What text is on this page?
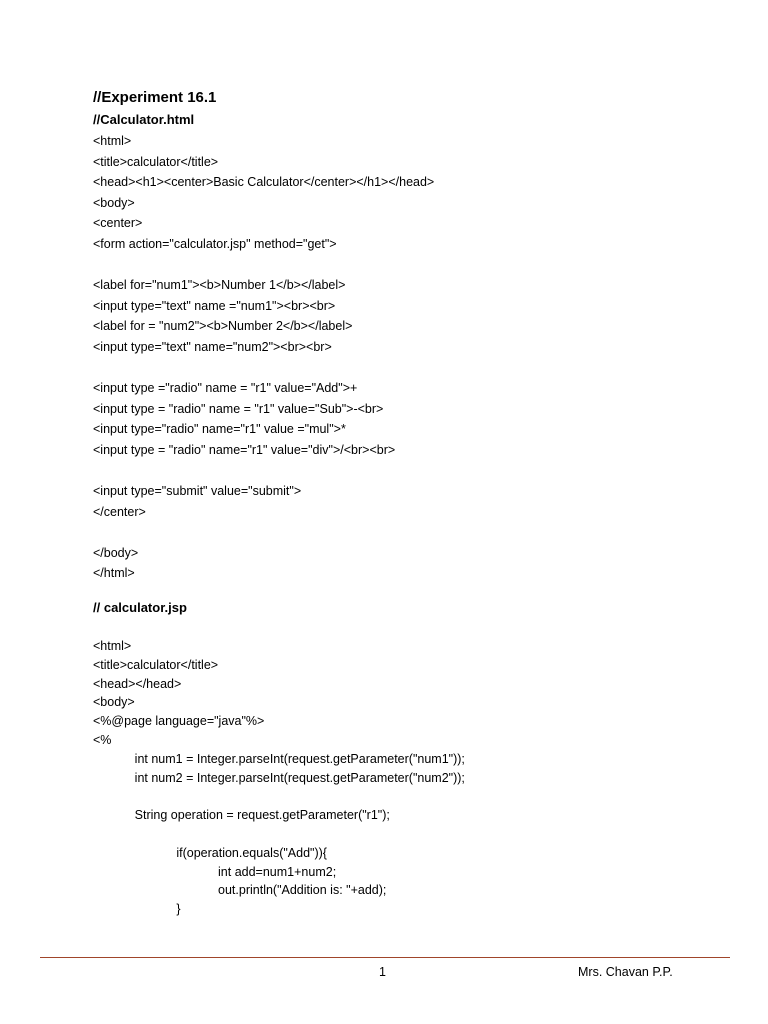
//Experiment 16.1
//Calculator.html
<html>
<title>calculator</title>
<head><h1><center>Basic Calculator</center></h1></head>
<body>
<center>
<form action="calculator.jsp" method="get">
<label for="num1"><b>Number 1</b></label>
<input type="text" name ="num1"><br><br>
<label for = "num2"><b>Number 2</b></label>
<input type="text" name="num2"><br><br>
<input type ="radio" name = "r1" value="Add">+
<input type = "radio" name = "r1" value="Sub">-<br>
<input type="radio" name="r1" value ="mul">*
<input type = "radio" name="r1" value="div">/<br><br>
<input type="submit" value="submit">
</center>
</body>
</html>
// calculator.jsp
<html>
<title>calculator</title>
<head></head>
<body>
<%@page language="java"%>
<%
int num1 = Integer.parseInt(request.getParameter("num1"));
int num2 = Integer.parseInt(request.getParameter("num2"));
String operation = request.getParameter("r1");
if(operation.equals("Add")){
int add=num1+num2;
out.println("Addition is: "+add);
}
1	Mrs. Chavan P.P.
